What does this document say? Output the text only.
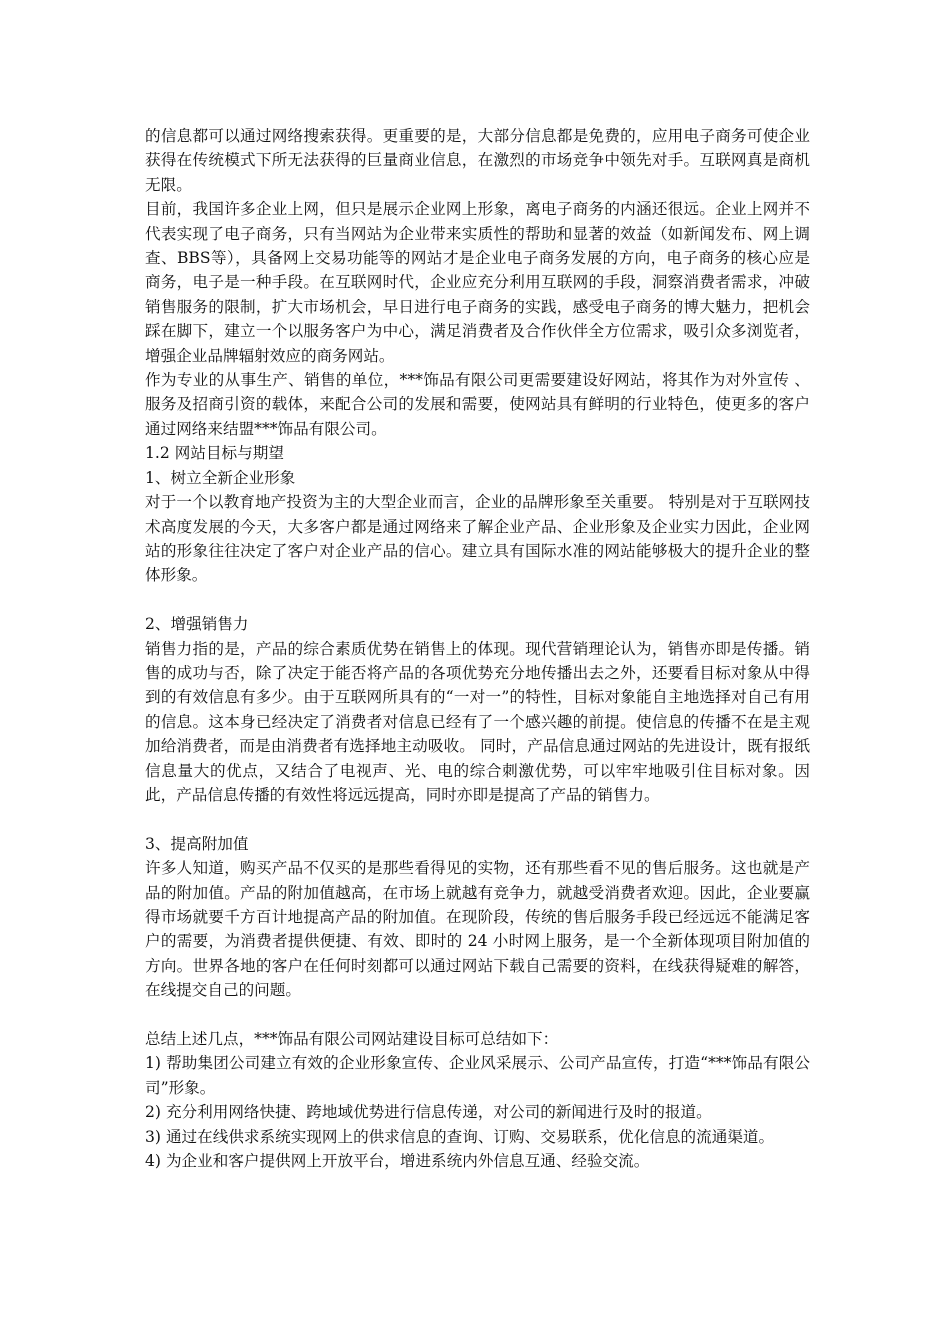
的信息都可以通过网络搜索获得。更重要的是，大部分信息都是免费的，应用电子商务可使企业获得在传统模式下所无法获得的巨量商业信息，在激烈的市场竞争中领先对手。互联网真是商机无限。

目前，我国许多企业上网，但只是展示企业网上形象，离电子商务的内涵还很远。企业上网并不代表实现了电子商务，只有当网站为企业带来实质性的帮助和显著的效益（如新闻发布、网上调查、BBS等），具备网上交易功能等的网站才是企业电子商务发展的方向，电子商务的核心应是商务，电子是一种手段。在互联网时代，企业应充分利用互联网的手段，洞察消费者需求，冲破销售服务的限制，扩大市场机会，早日进行电子商务的实践，感受电子商务的博大魅力，把机会踩在脚下，建立一个以服务客户为中心，满足消费者及合作伙伴全方位需求，吸引众多浏览者，增强企业品牌辐射效应的商务网站。

作为专业的从事生产、销售的单位，***饰品有限公司更需要建设好网站，将其作为对外宣传 、服务及招商引资的载体，来配合公司的发展和需要，使网站具有鲜明的行业特色，使更多的客户通过网络来结盟***饰品有限公司。

1.2 网站目标与期望

1、树立全新企业形象

对于一个以教育地产投资为主的大型企业而言，企业的品牌形象至关重要。 特别是对于互联网技术高度发展的今天，大多客户都是通过网络来了解企业产品、企业形象及企业实力因此，企业网站的形象往往决定了客户对企业产品的信心。建立具有国际水准的网站能够极大的提升企业的整体形象。

2、增强销售力

销售力指的是，产品的综合素质优势在销售上的体现。现代营销理论认为，销售亦即是传播。销售的成功与否，除了决定于能否将产品的各项优势充分地传播出去之外，还要看目标对象从中得到的有效信息有多少。由于互联网所具有的“一对一”的特性，目标对象能自主地选择对自己有用的信息。这本身已经决定了消费者对信息已经有了一个感兴趣的前提。使信息的传播不在是主观加给消费者，而是由消费者有选择地主动吸收。 同时，产品信息通过网站的先进设计，既有报纸信息量大的优点，又结合了电视声、光、电的综合刺激优势，可以牢牢地吸引住目标对象。因此，产品信息传播的有效性将远远提高，同时亦即是提高了产品的销售力。

3、提高附加值

许多人知道，购买产品不仅买的是那些看得见的实物，还有那些看不见的售后服务。这也就是产品的附加值。产品的附加值越高，在市场上就越有竞争力，就越受消费者欢迎。因此，企业要赢得市场就要千方百计地提高产品的附加值。在现阶段，传统的售后服务手段已经远远不能满足客户的需要，为消费者提供便捷、有效、即时的 24 小时网上服务，是一个全新体现项目附加值的方向。世界各地的客户在任何时刻都可以通过网站下载自己需要的资料，在线获得疑难的解答，在线提交自己的问题。

总结上述几点，***饰品有限公司网站建设目标可总结如下：

1) 帮助集团公司建立有效的企业形象宣传、企业风采展示、公司产品宣传，打造“***饰品有限公司”形象。

2) 充分利用网络快捷、跨地域优势进行信息传递，对公司的新闻进行及时的报道。

3) 通过在线供求系统实现网上的供求信息的查询、订购、交易联系，优化信息的流通渠道。

4) 为企业和客户提供网上开放平台，增进系统内外信息互通、经验交流。
